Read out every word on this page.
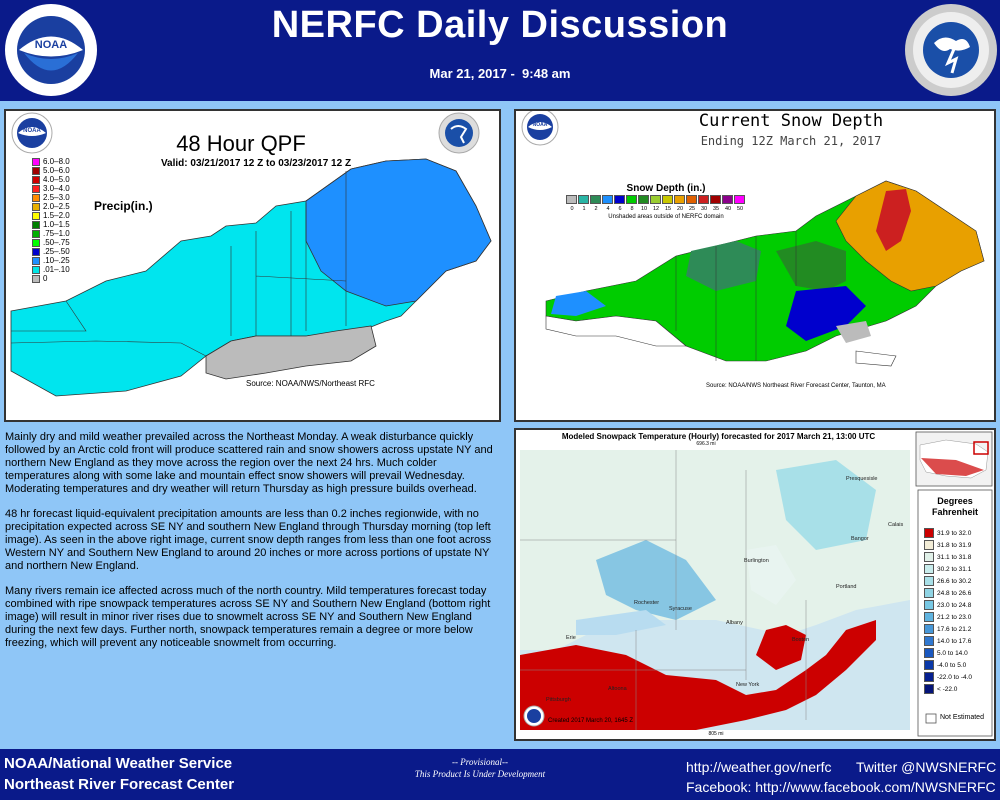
NOAA	NERFC Daily Discussion
Mar 21, 2017 -  9:48 am
NOAA	48 Hour QPF
Valid: 03/21/2017 12 Z to 03/23/2017 12 Z
Precip(in.)
6.0–8.0
5.0–6.0
4.0–5.0
3.0–4.0
2.5–3.0
2.0–2.5
1.5–2.0
1.0–1.5
.75–1.0
.50–.75
.25–.50
.10–.25
.01–.10
0
Source: NOAA/NWS/Northeast RFC
NOAA	Current Snow Depth
Ending 12Z March 21, 2017
Snow Depth (in.)
0	1	2	4	6	8	10	12	15	20	25	30	35	40	50
Unshaded areas outside of NERFC domain
Source: NOAA/NWS Northeast River Forecast Center, Taunton, MA
Modeled Snowpack Temperature (Hourly) forecasted for 2017 March 21, 13:00 UTC
696.3 mi
805 mi
Created 2017 March 20, 1645 Z
Presquesisle
Calais
Bangor
Burlington
Portland
Rochester
Syracuse
Albany
Boston
Erie
Altoona
New York
Pittsburgh
Degrees Fahrenheit
31.9 to 32.0
31.8 to 31.9
31.1 to 31.8
30.2 to 31.1
26.6 to 30.2
24.8 to 26.6
23.0 to 24.8
21.2 to 23.0
17.6 to 21.2
14.0 to 17.6
5.0 to 14.0
-4.0 to 5.0
-22.0 to -4.0
< -22.0
Not Estimated

Mainly dry and mild weather prevailed across the Northeast Monday. A weak disturbance quickly followed by an Arctic cold front will produce scattered rain and snow showers across upstate NY and northern New England as they move across the region over the next 24 hrs. Much colder temperatures along with some lake and mountain effect snow showers will prevail Wednesday. Moderating temperatures and dry weather will return Thursday as high pressure builds overhead.

48 hr forecast liquid-equivalent precipitation amounts are less than 0.2 inches regionwide, with no precipitation expected across SE NY and southern New England through Thursday morning (top left image). As seen in the above right image, current snow depth ranges from less than one foot across Western NY and Southern New England to around 20 inches or more across portions of upstate NY and northern New England.

Many rivers remain ice affected across much of the north country. Mild temperatures forecast today combined with ripe snowpack temperatures across SE NY and Southern New England (bottom right image) will result in minor river rises due to snowmelt across SE NY and Southern New England during the next few days. Further north, snowpack temperatures remain a degree or more below freezing, which will prevent any noticeable snowmelt from occurring.

NOAA/National Weather Service
Northeast River Forecast Center
-- Provisional--
This Product Is Under Development	http://weather.gov/nerfc Twitter @NWSNERFC
Facebook: http://www.facebook.com/NWSNERFC
